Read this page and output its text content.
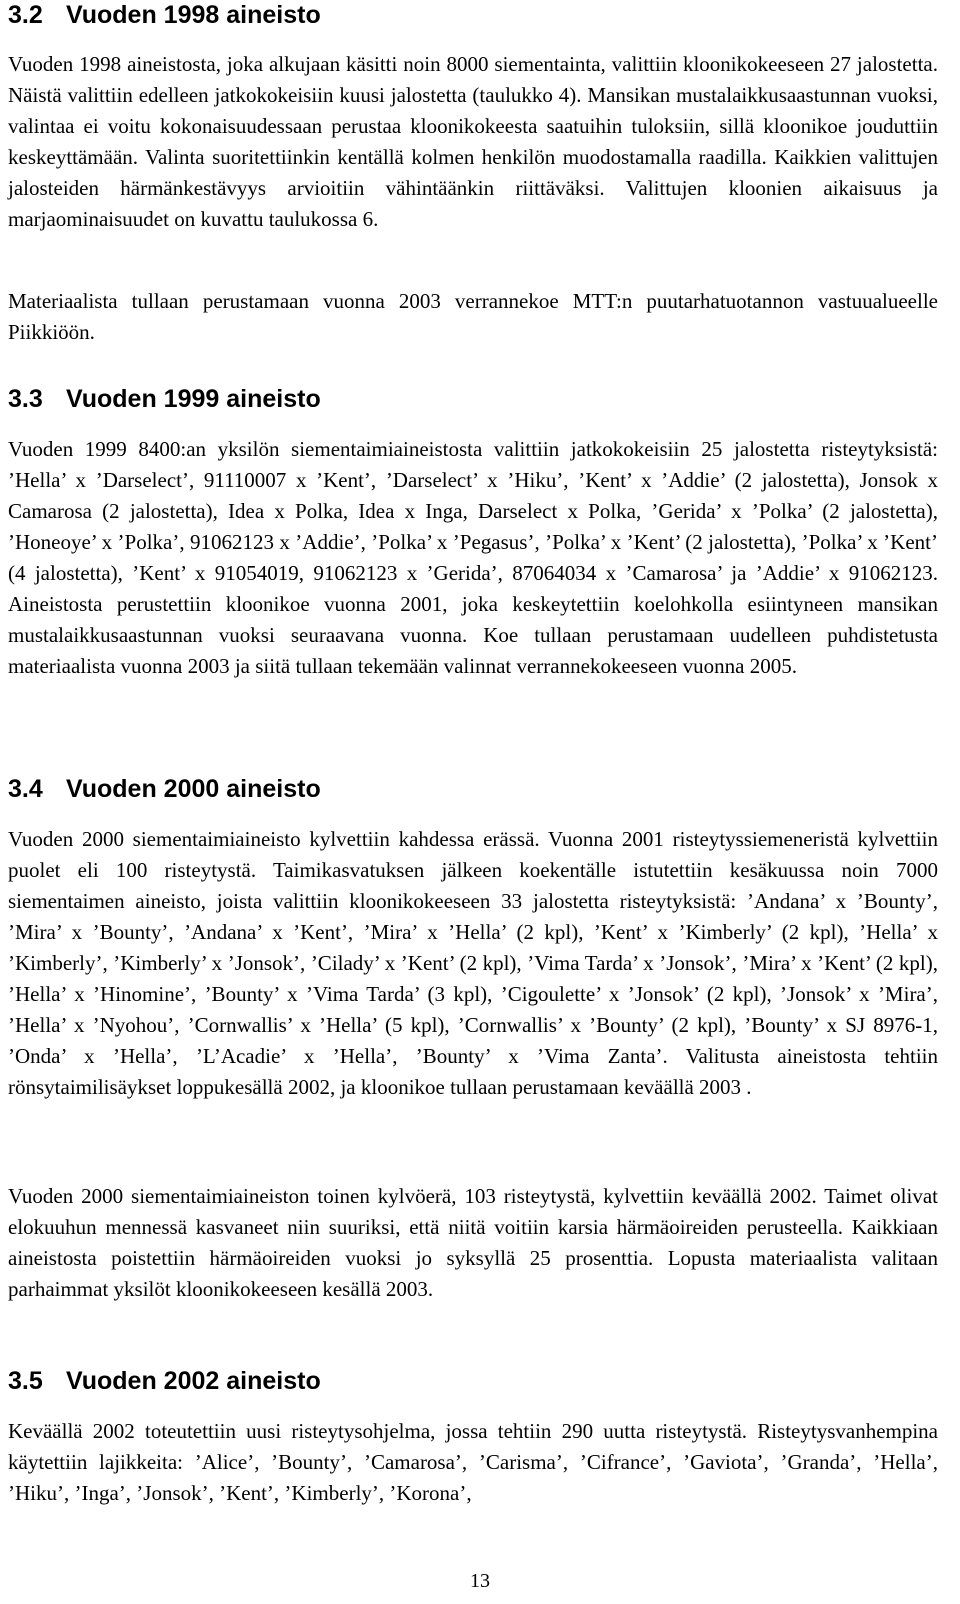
3.2 Vuoden 1998 aineisto

Vuoden 1998 aineistosta, joka alkujaan käsitti noin 8000 siementainta, valittiin kloonikokeeseen 27 jalostetta. Näistä valittiin edelleen jatkokokeisiin kuusi jalostetta (taulukko 4). Mansikan mustalaikkusaastunnan vuoksi, valintaa ei voitu kokonaisuudessaan perustaa kloonikokeesta saatuihin tuloksiin, sillä kloonikoe jouduttiin keskeyttämään. Valinta suoritettiinkin kentällä kolmen henkilön muodostamalla raadilla. Kaikkien valittujen jalosteiden härmänkestävyys arvioitiin vähintäänkin riittäväksi. Valittujen kloonien aikaisuus ja marjaominaisuudet on kuvattu taulukossa 6.

Materiaalista tullaan perustamaan vuonna 2003 verrannekoe MTT:n puutarhatuotannon vastuualueelle Piikkiöön.

3.3 Vuoden 1999 aineisto

Vuoden 1999 8400:an yksilön siementaimiaineistosta valittiin jatkokokeisiin 25 jalostetta risteytyksistä: ’Hella’ x ’Darselect’, 91110007 x ’Kent’, ’Darselect’ x ’Hiku’, ’Kent’ x ’Addie’ (2 jalostetta), Jonsok x Camarosa (2 jalostetta), Idea x Polka, Idea x Inga, Darselect x Polka, ’Gerida’ x ’Polka’ (2 jalostetta), ’Honeoye’ x ’Polka’, 91062123 x ’Addie’, ’Polka’ x ’Pegasus’, ’Polka’ x ’Kent’ (2 jalostetta), ’Polka’ x ’Kent’ (4 jalostetta), ’Kent’ x 91054019, 91062123 x ’Gerida’, 87064034 x ’Camarosa’ ja ’Addie’ x 91062123. Aineistosta perustettiin kloonikoe vuonna 2001, joka keskeytettiin koelohkolla esiintyneen mansikan mustalaikkusaastunnan vuoksi seuraavana vuonna. Koe tullaan perustamaan uudelleen puhdistetusta materiaalista vuonna 2003 ja siitä tullaan tekemään valinnat verrannekokeeseen vuonna 2005.

3.4 Vuoden 2000 aineisto

Vuoden 2000 siementaimiaineisto kylvettiin kahdessa erässä. Vuonna 2001 risteytyssiemeneristä kylvettiin puolet eli 100 risteytystä. Taimikasvatuksen jälkeen koekentälle istutettiin kesäkuussa noin 7000 siementaimen aineisto, joista valittiin kloonikokeeseen 33 jalostetta risteytyksistä: ’Andana’ x ’Bounty’, ’Mira’ x ’Bounty’, ’Andana’ x ’Kent’, ’Mira’ x ’Hella’ (2 kpl), ’Kent’ x ’Kimberly’ (2 kpl), ’Hella’ x ’Kimberly’, ’Kimberly’ x ’Jonsok’, ’Cilady’ x ’Kent’ (2 kpl), ’Vima Tarda’ x ’Jonsok’, ’Mira’ x ’Kent’ (2 kpl), ’Hella’ x ’Hinomine’, ’Bounty’ x ’Vima Tarda’ (3 kpl), ’Cigoulette’ x ’Jonsok’ (2 kpl), ’Jonsok’ x ’Mira’, ’Hella’ x ’Nyohou’, ’Cornwallis’ x ’Hella’ (5 kpl), ’Cornwallis’ x ’Bounty’ (2 kpl), ’Bounty’ x SJ 8976-1, ’Onda’ x ’Hella’, ’L’Acadie’ x ’Hella’, ’Bounty’ x ’Vima Zanta’. Valitusta aineistosta tehtiin rönsytaimilisäykset loppukesällä 2002, ja kloonikoe tullaan perustamaan keväällä 2003 .

Vuoden 2000 siementaimiaineiston toinen kylvöerä, 103 risteytystä, kylvettiin keväällä 2002. Taimet olivat elokuuhun mennessä kasvaneet niin suuriksi, että niitä voitiin karsia härmäoireiden perusteella. Kaikkiaan aineistosta poistettiin härmäoireiden vuoksi jo syksyllä 25 prosenttia. Lopusta materiaalista valitaan parhaimmat yksilöt kloonikokeeseen kesällä 2003.

3.5 Vuoden 2002 aineisto

Keväällä 2002 toteutettiin uusi risteytysohjelma, jossa tehtiin 290 uutta risteytystä. Risteytysvanhempina käytettiin lajikkeita: ’Alice’, ’Bounty’, ’Camarosa’, ’Carisma’, ’Cifrance’, ’Gaviota’, ’Granda’, ’Hella’, ’Hiku’, ’Inga’, ’Jonsok’, ’Kent’, ’Kimberly’, ’Korona’,

13
